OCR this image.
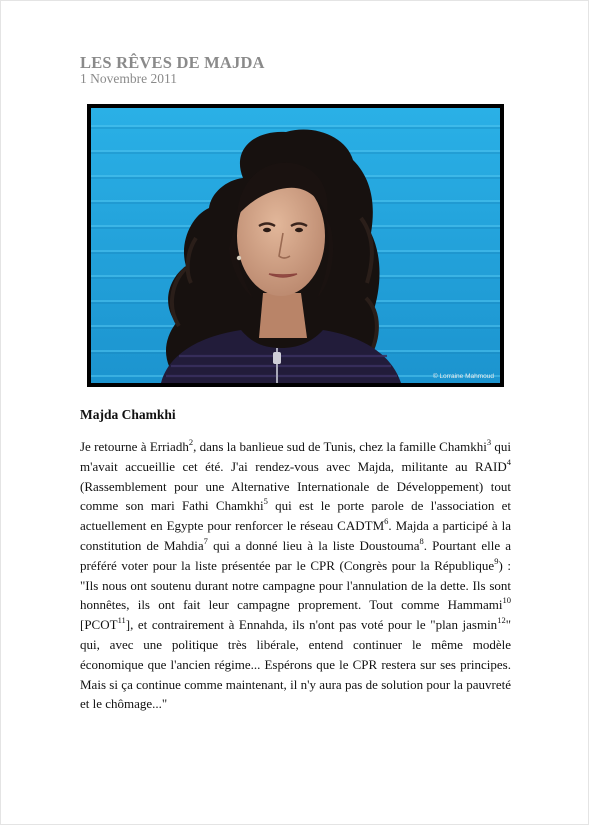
LES RÊVES DE MAJDA
1 Novembre 2011
© Lorraine Mahmoud
Majda Chamkhi

Je retourne à Erriadh$^2$, dans la banlieue sud de Tunis, chez la famille Chamkhi$^3$ qui m'avait accueillie cet été. J'ai rendez-vous avec Majda, militante au RAID$^4$ (Rassemblement pour une Alternative Internationale de Développement) tout comme son mari Fathi Chamkhi$^5$ qui est le porte parole de l'association et actuellement en Egypte pour renforcer le réseau CADTM$^6$. Majda a participé à la constitution de Mahdia$^7$ qui a donné lieu à la liste Doustouma$^8$. Pourtant elle a préféré voter pour la liste présentée par le CPR (Congrès pour la République$^9$) : "Ils nous ont soutenu durant notre campagne pour l'annulation de la dette. Ils sont honnêtes, ils ont fait leur campagne proprement. Tout comme Hammami$^{10}$ [PCOT$^{11}$], et contrairement à Ennahda, ils n'ont pas voté pour le "plan jasmin$^{12}$" qui, avec une politique très libérale, entend continuer le même modèle économique que l'ancien régime... Espérons que le CPR restera sur ses principes. Mais si ça continue comme maintenant, il n'y aura pas de solution pour la pauvreté et le chômage..."
